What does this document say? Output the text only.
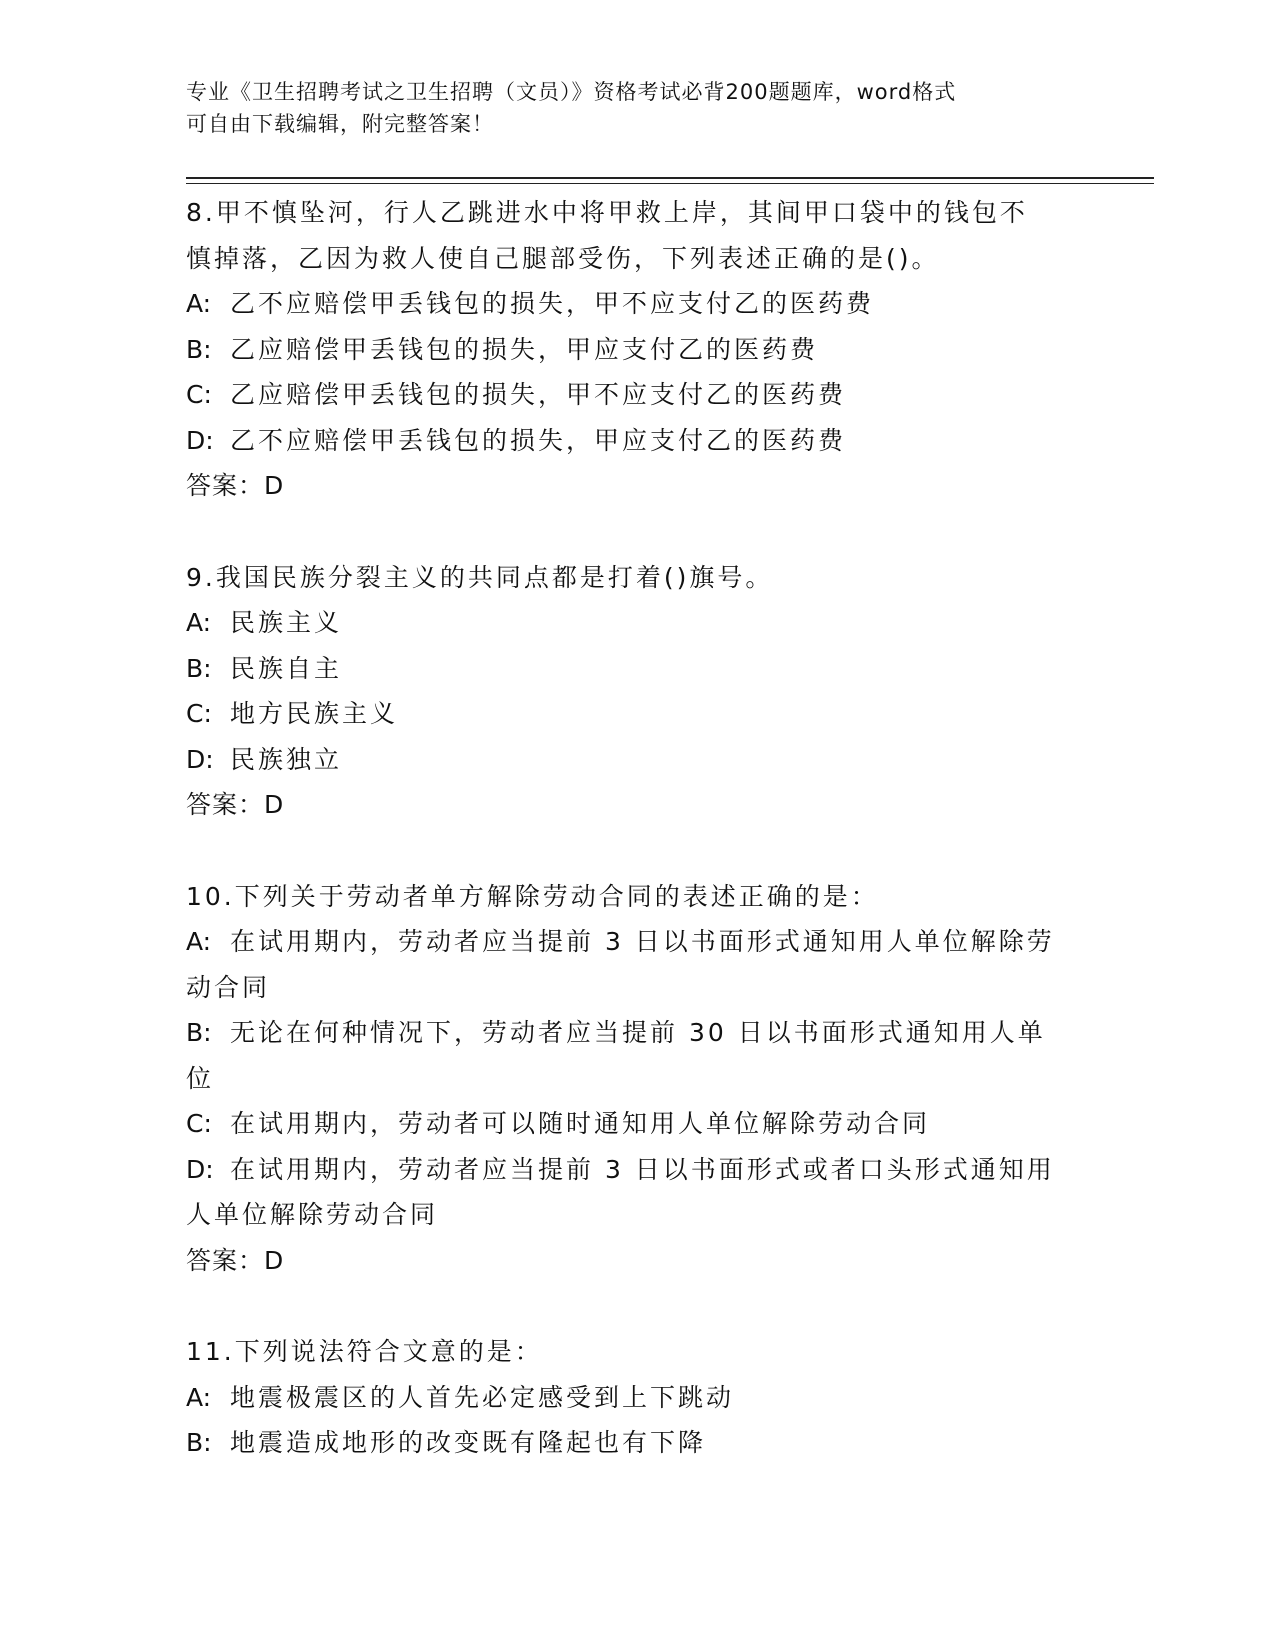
专业《卫生招聘考试之卫生招聘（文员）》资格考试必背200题题库，word格式
可自由下载编辑，附完整答案！
8.甲不慎坠河，行人乙跳进水中将甲救上岸，其间甲口袋中的钱包不
慎掉落，乙因为救人使自己腿部受伤，下列表述正确的是()。
A: 乙不应赔偿甲丢钱包的损失，甲不应支付乙的医药费
B: 乙应赔偿甲丢钱包的损失，甲应支付乙的医药费
C: 乙应赔偿甲丢钱包的损失，甲不应支付乙的医药费
D: 乙不应赔偿甲丢钱包的损失，甲应支付乙的医药费
答案：D
9.我国民族分裂主义的共同点都是打着()旗号。
A: 民族主义
B: 民族自主
C: 地方民族主义
D: 民族独立
答案：D
10.下列关于劳动者单方解除劳动合同的表述正确的是：
A: 在试用期内，劳动者应当提前 3 日以书面形式通知用人单位解除劳
动合同
B: 无论在何种情况下，劳动者应当提前 30 日以书面形式通知用人单
位
C: 在试用期内，劳动者可以随时通知用人单位解除劳动合同
D: 在试用期内，劳动者应当提前 3 日以书面形式或者口头形式通知用
人单位解除劳动合同
答案：D
11.下列说法符合文意的是：
A: 地震极震区的人首先必定感受到上下跳动
B: 地震造成地形的改变既有隆起也有下降
